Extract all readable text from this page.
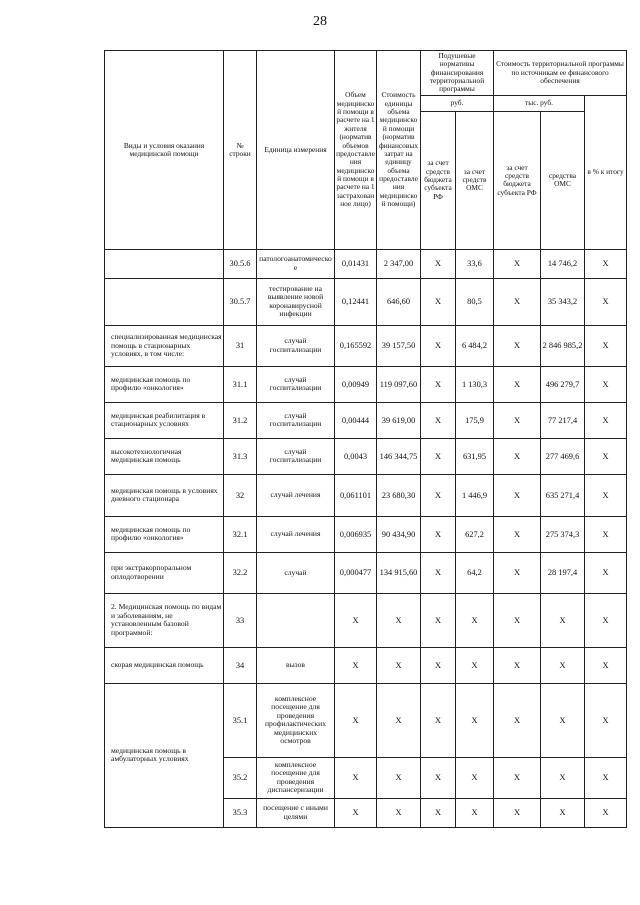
28
Виды и условия оказания медицинской помощи	№ строки	Единица измерения	Объем медицинской помощи в расчете на 1 жителя (норматив объемов предоставления медицинской помощи в расчете на 1 застрахованное лицо)	Стоимость единицы объема медицинской помощи (норматив финансовых затрат на единицу объема предоставления медицинской помощи)	Подушевые нормативы финансирования территориальной программы		Стоимость территориальной программы по источникам ее финансового обеспечения		
					руб.		тыс. руб.		в % к итогу
					за счет средств бюджета субъекта РФ	за счет средств ОМС	за счет средств бюджета субъекта РФ	средства ОМС	
	30.5.6	патологоанатомическое	0,01431	2 347,00	Х	33,6	Х	14 746,2	Х
	30.5.7	тестирование на выявление новой коронавирусной инфекции	0,12441	646,60	Х	80,5	Х	35 343,2	Х
специализированная медицинская помощь в стационарных условиях, в том числе:	31	случай госпитализации	0,165592	39 157,50	Х	6 484,2	Х	2 846 985,2	Х
медицинская помощь по профилю «онкология»	31.1	случай госпитализации	0,00949	119 097,60	Х	1 130,3	Х	496 279,7	Х
медицинская реабилитация в стационарных условиях	31.2	случай госпитализации	0,00444	39 619,00	Х	175,9	Х	77 217,4	Х
высокотехнологичная медицинская помощь	31.3	случай госпитализации	0,0043	146 344,75	Х	631,95	Х	277 469,6	Х
медицинская помощь в условиях дневного стационара	32	случай лечения	0,061101	23 680,30	Х	1 446,9	Х	635 271,4	Х
медицинская помощь по профилю «онкология»	32.1	случай лечения	0,006935	90 434,90	Х	627,2	Х	275 374,3	Х
при экстракорпоральном оплодотворении	32.2	случай	0,000477	134 915,60	Х	64,2	Х	28 197,4	Х
2. Медицинская помощь по видам и заболеваниям, не установленным базовой программой:	33		Х	Х	Х	Х	Х	Х	Х
скорая медицинская помощь	34	вызов	Х	Х	Х	Х	Х	Х	Х
медицинская помощь в амбулаторных условиях	35.1	комплексное посещение для проведения профилактических медицинских осмотров	Х	Х	Х	Х	Х	Х	Х
	35.2	комплексное посещение для проведения диспансеризации	Х	Х	Х	Х	Х	Х	Х
	35.3	посещение с иными целями	Х	Х	Х	Х	Х	Х	Х
